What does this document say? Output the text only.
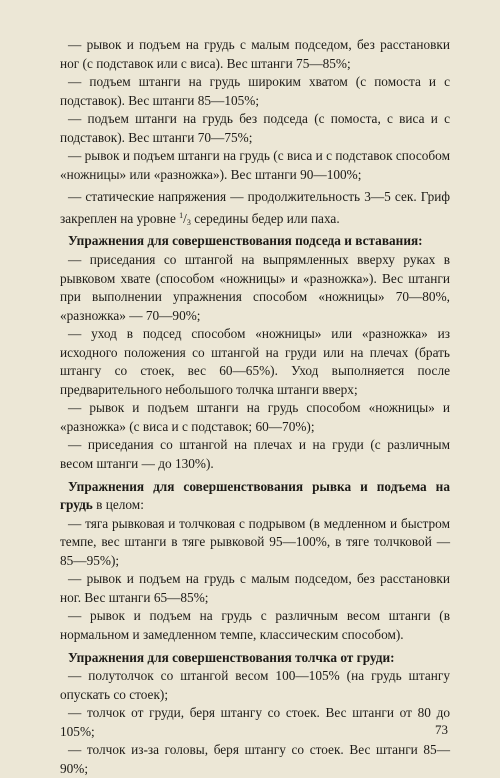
— рывок и подъем на грудь с малым подседом, без расстановки ног (с подставок или с виса). Вес штанги 75—85%;

— подъем штанги на грудь широким хватом (с помоста и с подставок). Вес штанги 85—105%;

— подъем штанги на грудь без подседа (с помоста, с виса и с подставок). Вес штанги 70—75%;

— рывок и подъем штанги на грудь (с виса и с подставок способом «ножницы» или «разножка»). Вес штанги 90—100%;

— статические напряжения — продолжительность 3—5 сек. Гриф закреплен на уровне $^1/_3$ середины бедер или паха.

Упражнения для совершенствования подседа и вставания:

— приседания со штангой на выпрямленных вверху руках в рывковом хвате (способом «ножницы» и «разножка»). Вес штанги при выполнении упражнения способом «ножницы» 70—80%, «разножка» — 70—90%;

— уход в подсед способом «ножницы» или «разножка» из исходного положения со штангой на груди или на плечах (брать штангу со стоек, вес 60—65%). Уход выполняется после предварительного небольшого толчка штанги вверх;

— рывок и подъем штанги на грудь способом «ножницы» и «разножка» (с виса и с подставок; 60—70%);

— приседания со штангой на плечах и на груди (с различным весом штанги — до 130%).

Упражнения для совершенствования рывка и подъема на грудь в целом:

— тяга рывковая и толчковая с подрывом (в медленном и быстром темпе, вес штанги в тяге рывковой 95—100%, в тяге толчковой — 85—95%);

— рывок и подъем на грудь с малым подседом, без расстановки ног. Вес штанги 65—85%;

— рывок и подъем на грудь с различным весом штанги (в нормальном и замедленном темпе, классическим способом).

Упражнения для совершенствования толчка от груди:

— полутолчок со штангой весом 100—105% (на грудь штангу опускать со стоек);

— толчок от груди, беря штангу со стоек. Вес штанги от 80 до 105%;

— толчок из-за головы, беря штангу со стоек. Вес штанги 85—90%;

73
